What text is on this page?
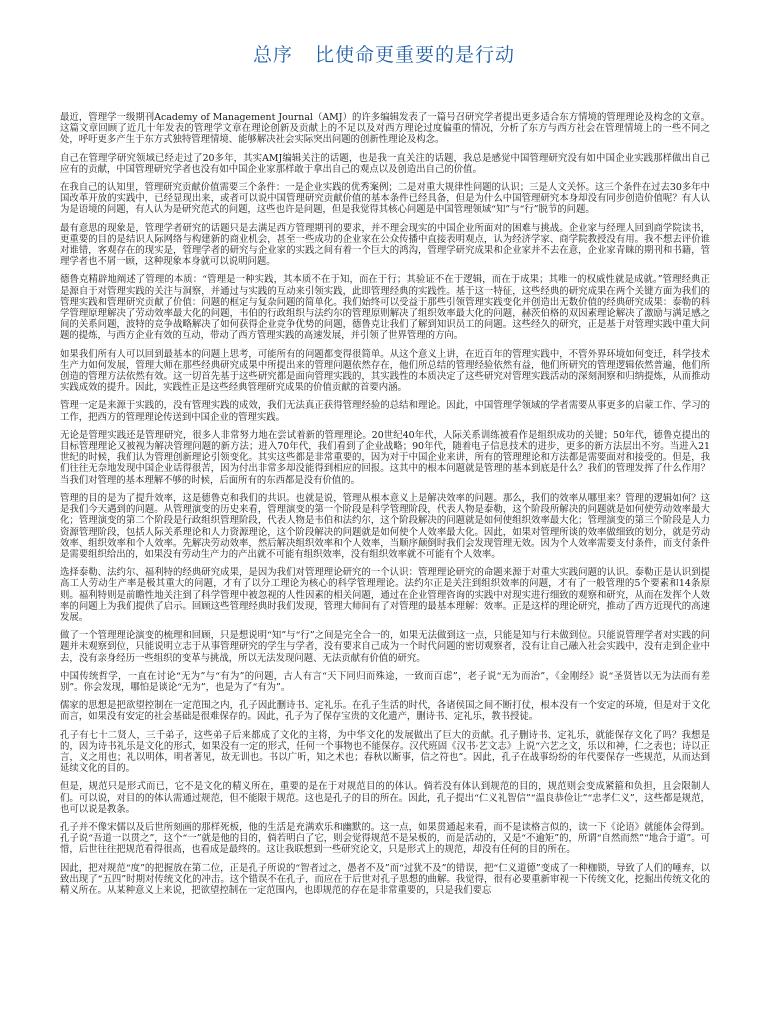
总序 比使命更重要的是行动

最近，管理学一级期刊Academy of Management Journal（AMJ）的许多编辑发表了一篇号召研究学者提出更多适合东方情境的管理理论及构念的文章。这篇文章回顾了近几十年发表的管理学文章在理论创新及贡献上的不足以及对西方理论过度偏重的情况，分析了东方与西方社会在管理情境上的一些不同之处，呼吁更多产生于东方式独特管理情境、能够解决社会实际突出问题的创新性理论及构念。

自己在管理学研究领域已经走过了20多年，其实AMJ编辑关注的话题，也是我一直关注的话题，我总是感觉中国管理研究没有如中国企业实践那样做出自己应有的贡献，中国管理研究学者也没有如中国企业家那样敢于拿出自己的观点以及创造出自己的价值。

在我自己的认知里，管理研究贡献价值需要三个条件：一是企业实践的优秀案例；二是对重大规律性问题的认识；三是人文关怀。这三个条件在过去30多年中国改革开放的实践中，已经显现出来，或者可以说中国管理研究贡献价值的基本条件已经具备，但是为什么中国管理研究本身却没有同步创造价值呢？有人认为是语境的问题，有人认为是研究范式的问题，这些也许是问题，但是我觉得其核心问题是中国管理领域“知”与“行”脱节的问题。

最有意思的现象是，管理学者研究的话题只是去满足西方管理期刊的要求，并不理会现实的中国企业所面对的困难与挑战。企业家与经理人回到商学院读书，更重要的目的是结识人际网络与构建新的商业机会，甚至一些成功的企业家在公众传播中直接表明观点，认为经济学家、商学院教授没有用。我不想去评价谁对谁错，客观存在的现实是，管理学者的研究与企业家的实践之间有着一个巨大的鸿沟，管理学研究成果和企业家并不去在意，企业家青睐的期刊和书籍，管理学者也不屑一顾，这种现象本身就可以说明问题。

德鲁克精辟地阐述了管理的本质：“管理是一种实践，其本质不在于知，而在于行；其验证不在于逻辑，而在于成果；其唯一的权威性就是成就。”管理经典正是源自于对管理实践的关注与洞察，并通过与实践的互动来引领实践，此即管理经典的实践性。基于这一特征，这些经典的研究成果在两个关键方面为我们的管理实践和管理研究贡献了价值：问题的框定与复杂问题的简单化。我们始终可以受益于那些引领管理实践变化并创造出无数价值的经典研究成果：泰勒的科学管理原理解决了劳动效率最大化的问题，韦伯的行政组织与法约尔的管理原则解决了组织效率最大化的问题，赫茨伯格的双因素理论解决了激励与满足感之间的关系问题，波特的竞争战略解决了如何获得企业竞争优势的问题，德鲁克让我们了解到知识员工的问题。这些经久的研究，正是基于对管理实践中重大问题的提炼，与西方企业有效的互动，带动了西方管理实践的高速发展，并引领了世界管理的方向。

如果我们所有人可以回到最基本的问题上思考，可能所有的问题都变得很简单。从这个意义上讲，在近百年的管理实践中，不管外界环境如何变迁，科学技术生产力如何发展，管理大师在那些经典研究成果中所提出来的管理问题依然存在，他们所总结的管理经验依然有益，他们所研究的管理逻辑依然普遍，他们所创造的管理方法依然有效。这一切首先基于这些研究都是面向管理实践的，其实践性的本质决定了这些研究对管理实践活动的深刻洞察和归纳提炼，从而推动实践成效的提升。因此，实践性正是这些经典管理研究成果的价值贡献的首要内涵。

管理一定是来源于实践的，没有管理实践的成效，我们无法真正获得管理经验的总结和理论。因此，中国管理学领域的学者需要从事更多的启蒙工作、学习的工作，把西方的管理理论传送到中国企业的管理实践。

无论是管理实践还是管理研究，很多人非常努力地在尝试着新的管理理论。20世纪40年代，人际关系训练被看作是组织成功的关键；50年代，德鲁克提出的目标管理理论又被视为解决管理问题的新方法；进入70年代，我们看到了企业战略；90年代，随着电子信息技术的进步，更多的新方法层出不穷。当进入21世纪的时候，我们认为管理创新理论引领变化。其实这些都是非常重要的，因为对于中国企业来讲，所有的管理理论和方法都是需要面对和接受的。但是，我们往往无奈地发现中国企业话得很苦，因为付出非常多却没能得到相应的回报。这其中的根本问题就是管理的基本到底是什么？我们的管理发挥了什么作用？当我们对管理的基本理解不够的时候，后面所有的东西都是没有价值的。

管理的目的是为了提升效率，这是德鲁克和我们的共识。也就是说，管理从根本意义上是解决效率的问题。那么，我们的效率从哪里来？管理的逻辑如何？这是我们今天遇到的问题。从管理演变的历史来看，管理演变的第一个阶段是科学管理阶段，代表人物是泰勒，这个阶段所解决的问题就是如何使劳动效率最大化；管理演变的第二个阶段是行政组织管理阶段，代表人物是韦伯和法约尔，这个阶段解决的问题就是如何使组织效率最大化；管理演变的第三个阶段是人力资源管理阶段，包括人际关系理论和人力资源理论，这个阶段解决的问题就是如何使个人效率最大化。因此，如果对管理所谈的效率做细致的划分，就是劳动效率、组织效率和个人效率。先解决劳动效率，然后解决组织效率和个人效率，当顺序颠倒时我们会发现管理无效。因为个人效率需要支付条件，而支付条件是需要组织给出的，如果没有劳动生产力的产出就不可能有组织效率，没有组织效率就不可能有个人效率。

选择泰勒、法约尔、福利特的经典研究成果，是因为我们对管理理论研究的一个认识：管理理论研究的命题来源于对重大实践问题的认识。泰勒正是认识到提高工人劳动生产率是极其重大的问题，才有了以分工理论为核心的科学管理理论。法约尔正是关注到组织效率的问题，才有了一般管理的5个要素和14条原则。福利特则是前瞻性地关注到了科学管理中被忽视的人性因素的相关问题，通过在企业管理咨询的实践中对现实进行细致的观察和研究，从而在发挥个人效率的问题上为我们提供了启示。回顾这些管理经典时我们发现，管理大师间有了对管理的最基本理解：效率。正是这样的理论研究，推动了西方近现代的高速发展。

做了一个管理理论演变的梳理和回顾，只是想说明“知”与“行”之间是完全合一的，如果无法做到这一点，只能是知与行未做到位。只能说管理学者对实践的问题并未观察到位，只能说明立志于从事管理研究的学生与学者，没有要求自己成为一个时代问题的密切观察者，没有让自己融入社会实践中，没有走到企业中去，没有亲身经历一些组织的变革与挑战，所以无法发现问题、无法贡献有价值的研究。

中国传统哲学，一直在讨论“无为”与“有为”的问题，古人有言“天下同归而殊途，一致而百虑”，老子说“无为而治”，《金刚经》说“圣贤皆以无为法而有差别”。你会发现，哪怕是谈论“无为”，也是为了“有为”。

儒家的思想是把欲望控制在一定范围之内，孔子因此删诗书、定礼乐。在孔子生活的时代，各诸侯国之间不断打仗，根本没有一个安定的环境，但是对于文化而言，如果没有安定的社会基础是很难保存的。因此，孔子为了保存宝贵的文化遗产，删诗书、定礼乐，教书授徒。

孔子有七十二贤人，三千弟子，这些弟子后来都成了文化的主将，为中华文化的发展做出了巨大的贡献。孔子删诗书、定礼乐，就能保存文化了吗？我想是的，因为诗书礼乐是文化的形式，如果没有一定的形式，任何一个事物也不能保存。汉代班固《汉书·艺文志》上说“六艺之文，乐以和神，仁之表也；诗以正言，义之用也；礼以明体，明者著见，故无训也。书以广听，知之术也；春秋以断事，信之符也”。因此，孔子在战事纷纷的年代要保存一些规范，从而达到延续文化的目的。

但是，规范只是形式而已，它不是文化的精义所在，重要的是在于对规范目的的体认。倘若没有体认到规范的目的，规范则会变成紧箍和负担，且会限制人们。可以说，对目的的体认需通过规范，但不能限于规范。这也是孔子的目的所在。因此，孔子提出“仁义礼智信”“温良恭俭让”“忠孝仁义”，这些都是规范，也可以说是教条。

孔子并不像宋儒以及后世所刻画的那样死板，他的生活是充满欢乐和幽默的。这一点，如果贯通起来看，而不是读格言似的，读一下《论语》就能体会得到。孔子说“吾道一以贯之”，这个“一”就是他的目的，倘若明白了它，则会觉得规范不是呆板的，而是活动的，又是“不逾矩”的，所谓“自然而然”“地合于道”。可惜，后世往往把规范看得很高，也看成是最终的。这让我联想到一些研究论文，只是形式上的规范，却没有任何的目的所在。

因此，把对规范“度”的把握放在第二位，正是孔子所说的“智者过之，愚者不及”而“过犹不及”的错误，把“仁义道德”变成了一种枷锁，导致了人们的唾弃，以致出现了“五四”时期对传统文化的冲击。这个错误不在孔子，而应在于后世对孔子思想的曲解。我觉得，很有必要重新审视一下传统文化，挖掘出传统文化的精义所在。从某种意义上来说，把欲望控制在一定范围内，也即规范的存在是非常重要的，只是我们要忘
